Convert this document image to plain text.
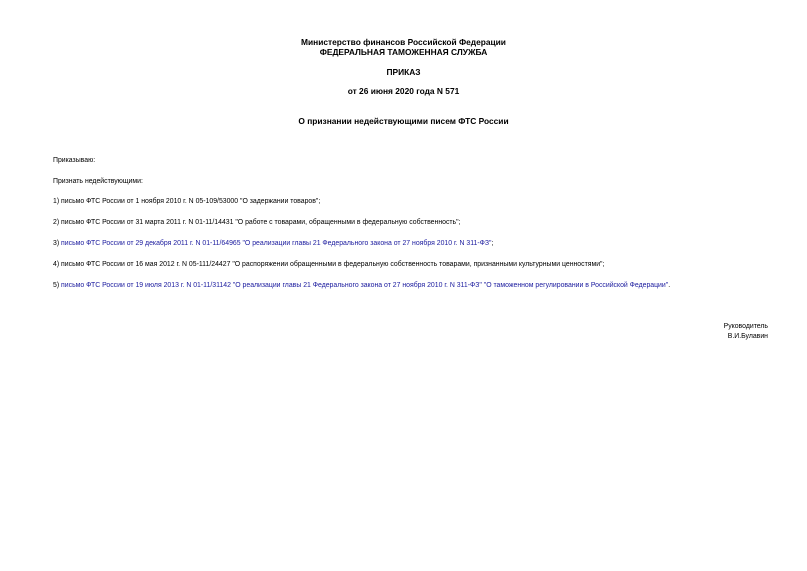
Министерство финансов Российской Федерации
ФЕДЕРАЛЬНАЯ ТАМОЖЕННАЯ СЛУЖБА
ПРИКАЗ
от 26 июня 2020 года N 571
О признании недействующими писем ФТС России
Приказываю:
Признать недействующими:
1) письмо ФТС России от 1 ноября 2010 г. N 05-109/53000 "О задержании товаров";
2) письмо ФТС России от 31 марта 2011 г. N 01-11/14431 "О работе с товарами, обращенными в федеральную собственность";
3) письмо ФТС России от 29 декабря 2011 г. N 01-11/64965 "О реализации главы 21 Федерального закона от 27 ноября 2010 г. N 311-ФЗ";
4) письмо ФТС России от 16 мая 2012 г. N 05-111/24427 "О распоряжении обращенными в федеральную собственность товарами, признанными культурными ценностями";
5) письмо ФТС России от 19 июля 2013 г. N 01-11/31142 "О реализации главы 21 Федерального закона от 27 ноября 2010 г. N 311-ФЗ" "О таможенном регулировании в Российской Федерации".
Руководитель
В.И.Булавин
